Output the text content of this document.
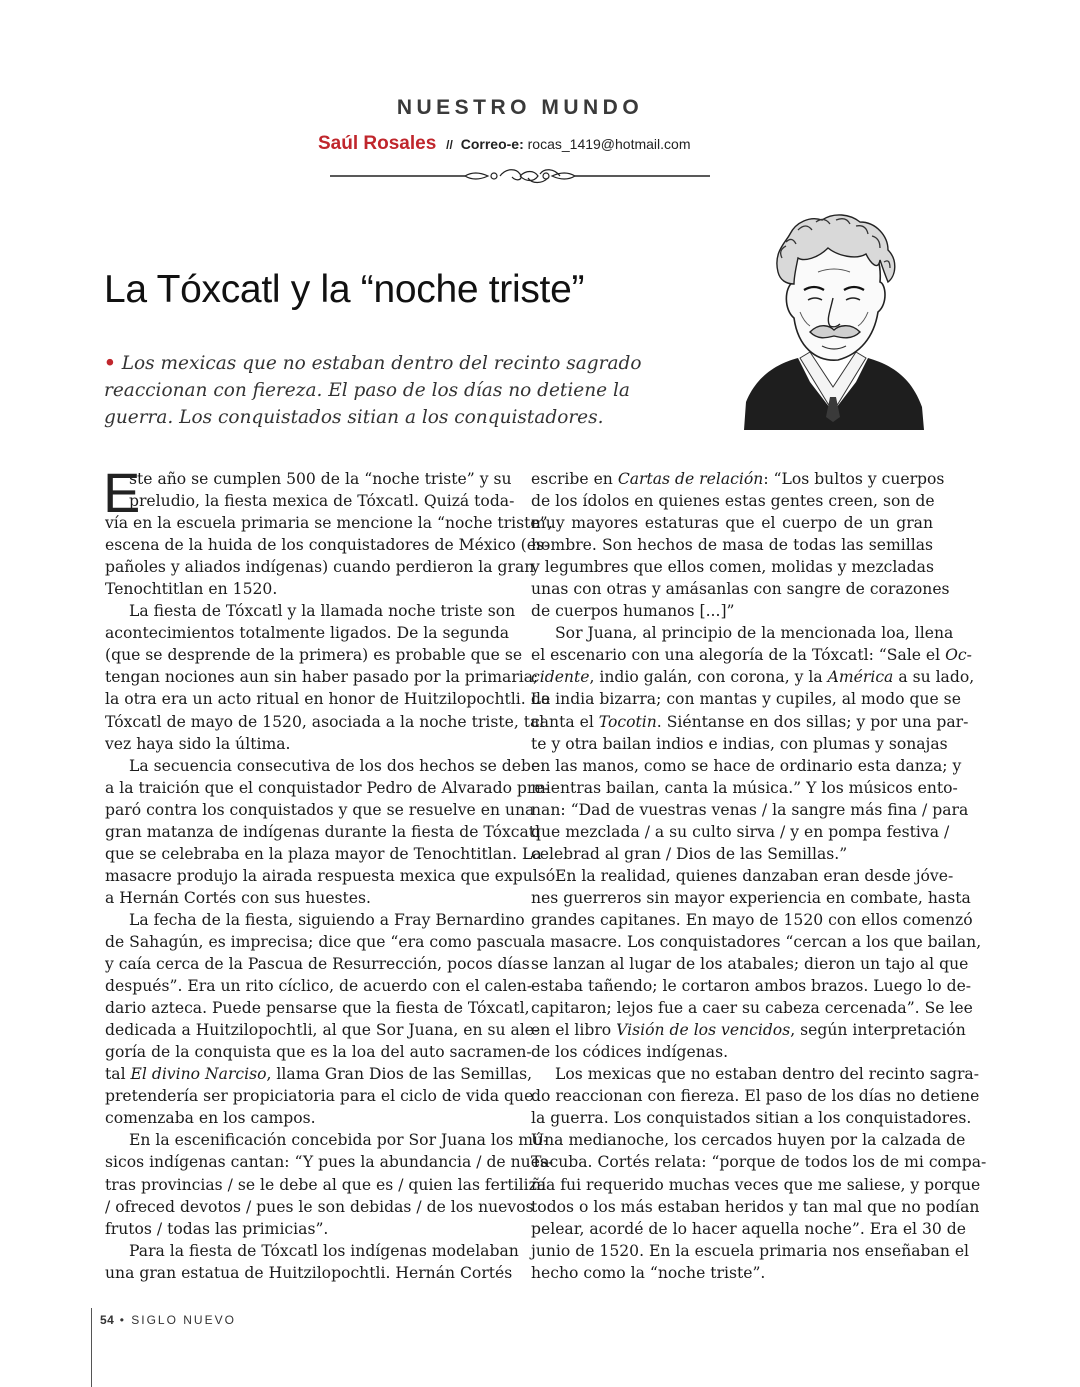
NUESTRO MUNDO
Saúl Rosales // Correo-e: rocas_1419@hotmail.com
La Tóxcatl y la “noche triste”
• Los mexicas que no estaban dentro del recinto sagrado
reaccionan con fiereza. El paso de los días no detiene la
guerra. Los conquistados sitian a los conquistadores.
E
ste año se cumplen 500 de la “noche triste” y su
preludio, la fiesta mexica de Tóxcatl. Quizá toda-
vía en la escuela primaria se mencione la “noche triste”,
escena de la huida de los conquistadores de México (es-
pañoles y aliados indígenas) cuando perdieron la gran
Tenochtitlan en 1520.
La fiesta de Tóxcatl y la llamada noche triste son
acontecimientos totalmente ligados. De la segunda
(que se desprende de la primera) es probable que se
tengan nociones aun sin haber pasado por la primaria;
la otra era un acto ritual en honor de Huitzilopochtli. La
Tóxcatl de mayo de 1520, asociada a la noche triste, tal
vez haya sido la última.
La secuencia consecutiva de los dos hechos se debe
a la traición que el conquistador Pedro de Alvarado pre-
paró contra los conquistados y que se resuelve en una
gran matanza de indígenas durante la fiesta de Tóxcatl
que se celebraba en la plaza mayor de Tenochtitlan. La
masacre produjo la airada respuesta mexica que expulsó
a Hernán Cortés con sus huestes.
La fecha de la fiesta, siguiendo a Fray Bernardino
de Sahagún, es imprecisa; dice que “era como pascua
y caía cerca de la Pascua de Resurrección, pocos días
después”. Era un rito cíclico, de acuerdo con el calen-
dario azteca. Puede pensarse que la fiesta de Tóxcatl,
dedicada a Huitzilopochtli, al que Sor Juana, en su ale-
goría de la conquista que es la loa del auto sacramen-
tal El divino Narciso, llama Gran Dios de las Semillas,
pretendería ser propiciatoria para el ciclo de vida que
comenzaba en los campos.
En la escenificación concebida por Sor Juana los mú-
sicos indígenas cantan: “Y pues la abundancia / de nues-
tras provincias / se le debe al que es / quien las fertiliza
/ ofreced devotos / pues le son debidas / de los nuevos
frutos / todas las primicias”.
Para la fiesta de Tóxcatl los indígenas modelaban
una gran estatua de Huitzilopochtli. Hernán Cortés
escribe en Cartas de relación: “Los bultos y cuerpos
de los ídolos en quienes estas gentes creen, son de
muy mayores estaturas que el cuerpo de un gran
hombre. Son hechos de masa de todas las semillas
y legumbres que ellos comen, molidas y mezcladas
unas con otras y amásanlas con sangre de corazones
de cuerpos humanos [...]”
Sor Juana, al principio de la mencionada loa, llena
el escenario con una alegoría de la Tóxcatl: “Sale el Oc-
cidente, indio galán, con corona, y la América a su lado,
de india bizarra; con mantas y cupiles, al modo que se
canta el Tocotin. Siéntanse en dos sillas; y por una par-
te y otra bailan indios e indias, con plumas y sonajas
en las manos, como se hace de ordinario esta danza; y
mientras bailan, canta la música.” Y los músicos ento-
nan: “Dad de vuestras venas / la sangre más fina / para
que mezclada / a su culto sirva / y en pompa festiva /
celebrad al gran / Dios de las Semillas.”
En la realidad, quienes danzaban eran desde jóve-
nes guerreros sin mayor experiencia en combate, hasta
grandes capitanes. En mayo de 1520 con ellos comenzó
la masacre. Los conquistadores “cercan a los que bailan,
se lanzan al lugar de los atabales; dieron un tajo al que
estaba tañendo; le cortaron ambos brazos. Luego lo de-
capitaron; lejos fue a caer su cabeza cercenada”. Se lee
en el libro Visión de los vencidos, según interpretación
de los códices indígenas.
Los mexicas que no estaban dentro del recinto sagra-
do reaccionan con fiereza. El paso de los días no detiene
la guerra. Los conquistados sitian a los conquistadores.
Una medianoche, los cercados huyen por la calzada de
Tacuba. Cortés relata: “porque de todos los de mi compa-
ñía fui requerido muchas veces que me saliese, y porque
todos o los más estaban heridos y tan mal que no podían
pelear, acordé de lo hacer aquella noche”. Era el 30 de
junio de 1520. En la escuela primaria nos enseñaban el
hecho como la “noche triste”.
54 • SIGLO NUEVO
